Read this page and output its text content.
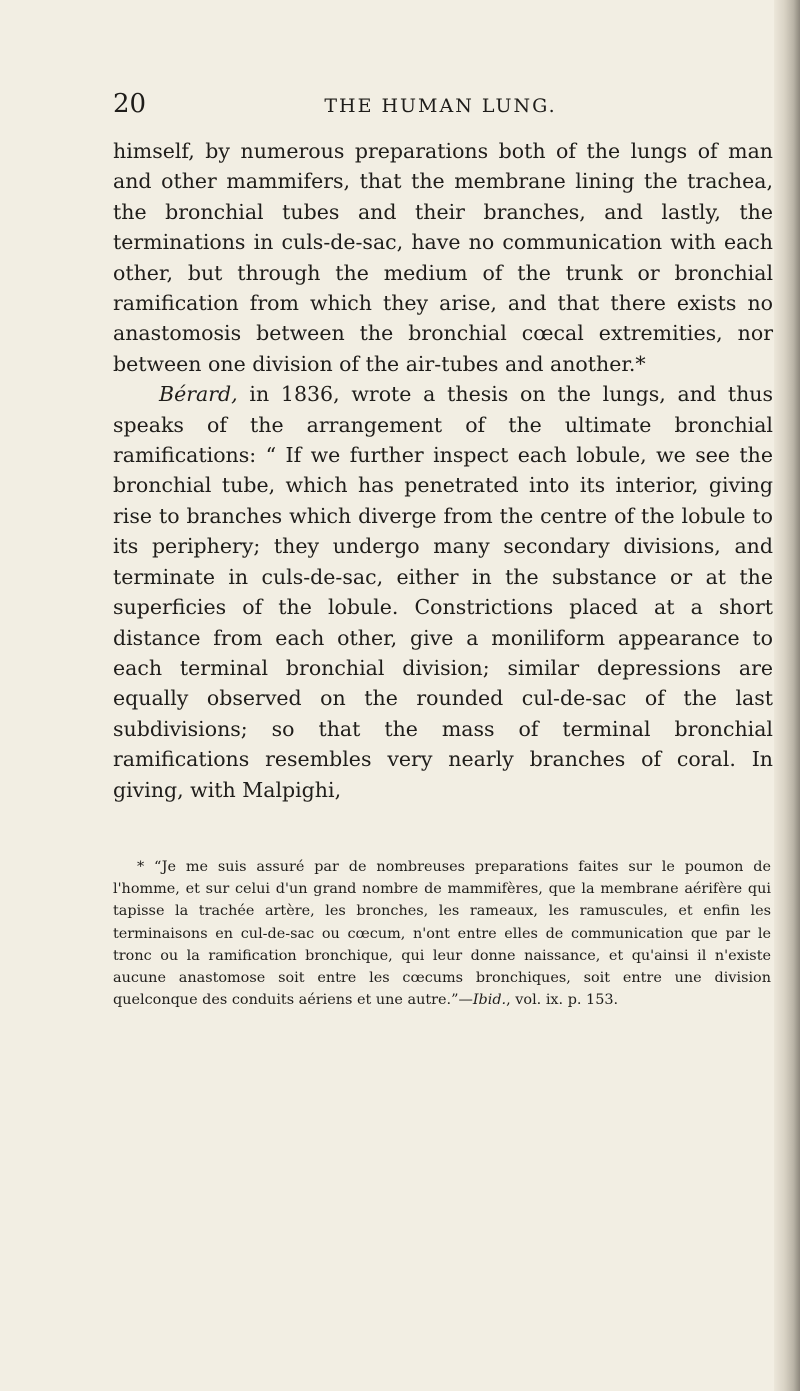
20	THE HUMAN LUNG.

himself, by numerous preparations both of the lungs of man and other mammifers, that the membrane lining the trachea, the bronchial tubes and their branches, and lastly, the terminations in culs-de-sac, have no communication with each other, but through the medium of the trunk or bronchial ramification from which they arise, and that there exists no anastomosis between the bronchial cœcal extremities, nor between one division of the air-tubes and another.*

Bérard, in 1836, wrote a thesis on the lungs, and thus speaks of the arrangement of the ultimate bronchial ramifications: “ If we further inspect each lobule, we see the bronchial tube, which has penetrated into its interior, giving rise to branches which diverge from the centre of the lobule to its periphery; they undergo many secondary divisions, and terminate in culs-de-sac, either in the substance or at the superficies of the lobule. Constrictions placed at a short distance from each other, give a moniliform appearance to each terminal bronchial division; similar depressions are equally observed on the rounded cul-de-sac of the last subdivisions; so that the mass of terminal bronchial ramifications resembles very nearly branches of coral. In giving, with Malpighi,

* “Je me suis assuré par de nombreuses preparations faites sur le poumon de l'homme, et sur celui d'un grand nombre de mammifères, que la membrane aérifère qui tapisse la trachée artère, les bronches, les rameaux, les ramuscules, et enfin les terminaisons en cul-de-sac ou cœcum, n'ont entre elles de communication que par le tronc ou la ramification bronchique, qui leur donne naissance, et qu'ainsi il n'existe aucune anastomose soit entre les cœcums bronchiques, soit entre une division quelconque des conduits aériens et une autre.”—Ibid., vol. ix. p. 153.
